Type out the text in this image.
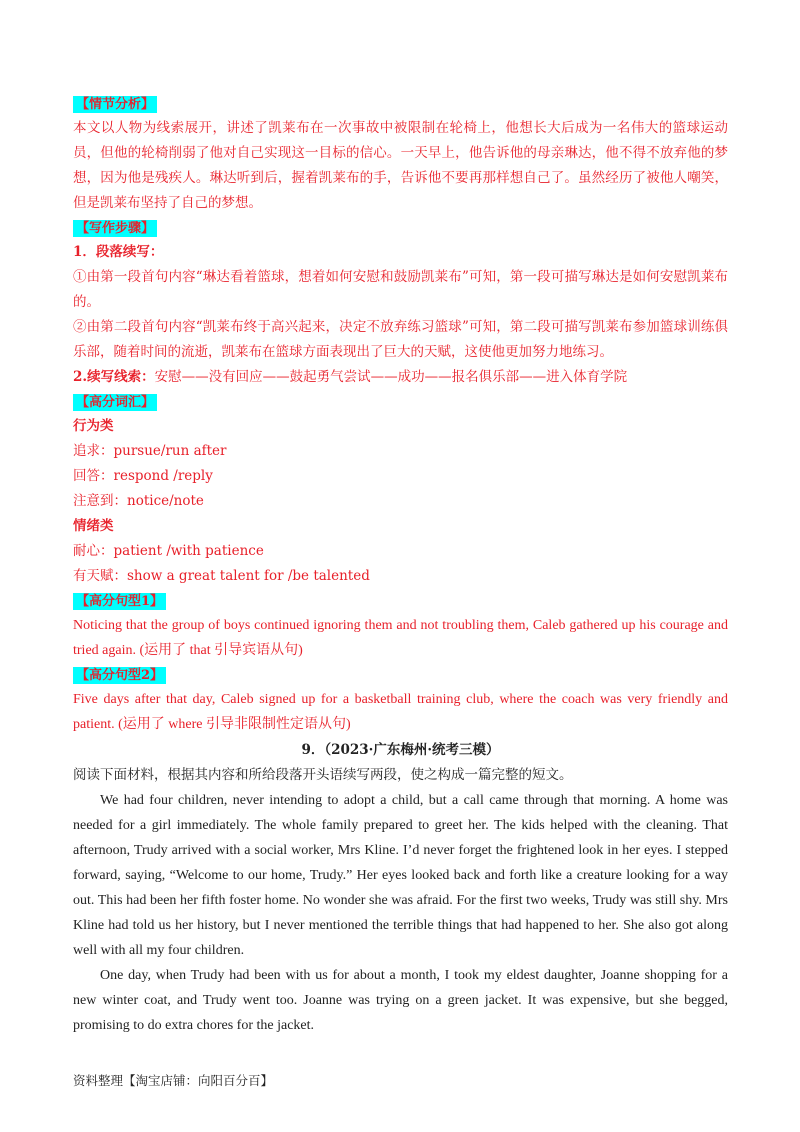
【情节分析】

本文以人物为线索展开，讲述了凯莱布在一次事故中被限制在轮椅上，他想长大后成为一名伟大的篮球运动员，但他的轮椅削弱了他对自己实现这一目标的信心。一天早上，他告诉他的母亲琳达，他不得不放弃他的梦想，因为他是残疾人。琳达听到后，握着凯莱布的手，告诉他不要再那样想自己了。虽然经历了被他人嘲笑，但是凯莱布坚持了自己的梦想。

【写作步骤】

1．段落续写：

①由第一段首句内容“琳达看着篮球，想着如何安慰和鼓励凯莱布”可知，第一段可描写琳达是如何安慰凯莱布的。

②由第二段首句内容“凯莱布终于高兴起来，决定不放弃练习篮球”可知，第二段可描写凯莱布参加篮球训练俱乐部，随着时间的流逝，凯莱布在篮球方面表现出了巨大的天赋，这使他更加努力地练习。

2.续写线索：安慰——没有回应——鼓起勇气尝试——成功——报名俱乐部——进入体育学院

【高分词汇】

行为类

追求：pursue/run after

回答：respond /reply

注意到：notice/note

情绪类

耐心：patient /with patience

有天赋：show a great talent for /be talented

【高分句型1】

Noticing that the group of boys continued ignoring them and not troubling them, Caleb gathered up his courage and tried again. (运用了 that 引导宾语从句)

【高分句型2】

Five days after that day, Caleb signed up for a basketball training club, where the coach was very friendly and patient. (运用了 where 引导非限制性定语从句)

9．（2023·广东梅州·统考三模）

阅读下面材料，根据其内容和所给段落开头语续写两段，使之构成一篇完整的短文。

We had four children, never intending to adopt a child, but a call came through that morning. A home was needed for a girl immediately. The whole family prepared to greet her. The kids helped with the cleaning. That afternoon, Trudy arrived with a social worker, Mrs Kline. I’d never forget the frightened look in her eyes. I stepped forward, saying, “Welcome to our home, Trudy.” Her eyes looked back and forth like a creature looking for a way out. This had been her fifth foster home. No wonder she was afraid. For the first two weeks, Trudy was still shy. Mrs Kline had told us her history, but I never mentioned the terrible things that had happened to her. She also got along well with all my four children.

One day, when Trudy had been with us for about a month, I took my eldest daughter, Joanne shopping for a new winter coat, and Trudy went too. Joanne was trying on a green jacket. It was expensive, but she begged, promising to do extra chores for the jacket.

资料整理【淘宝店铺：向阳百分百】
